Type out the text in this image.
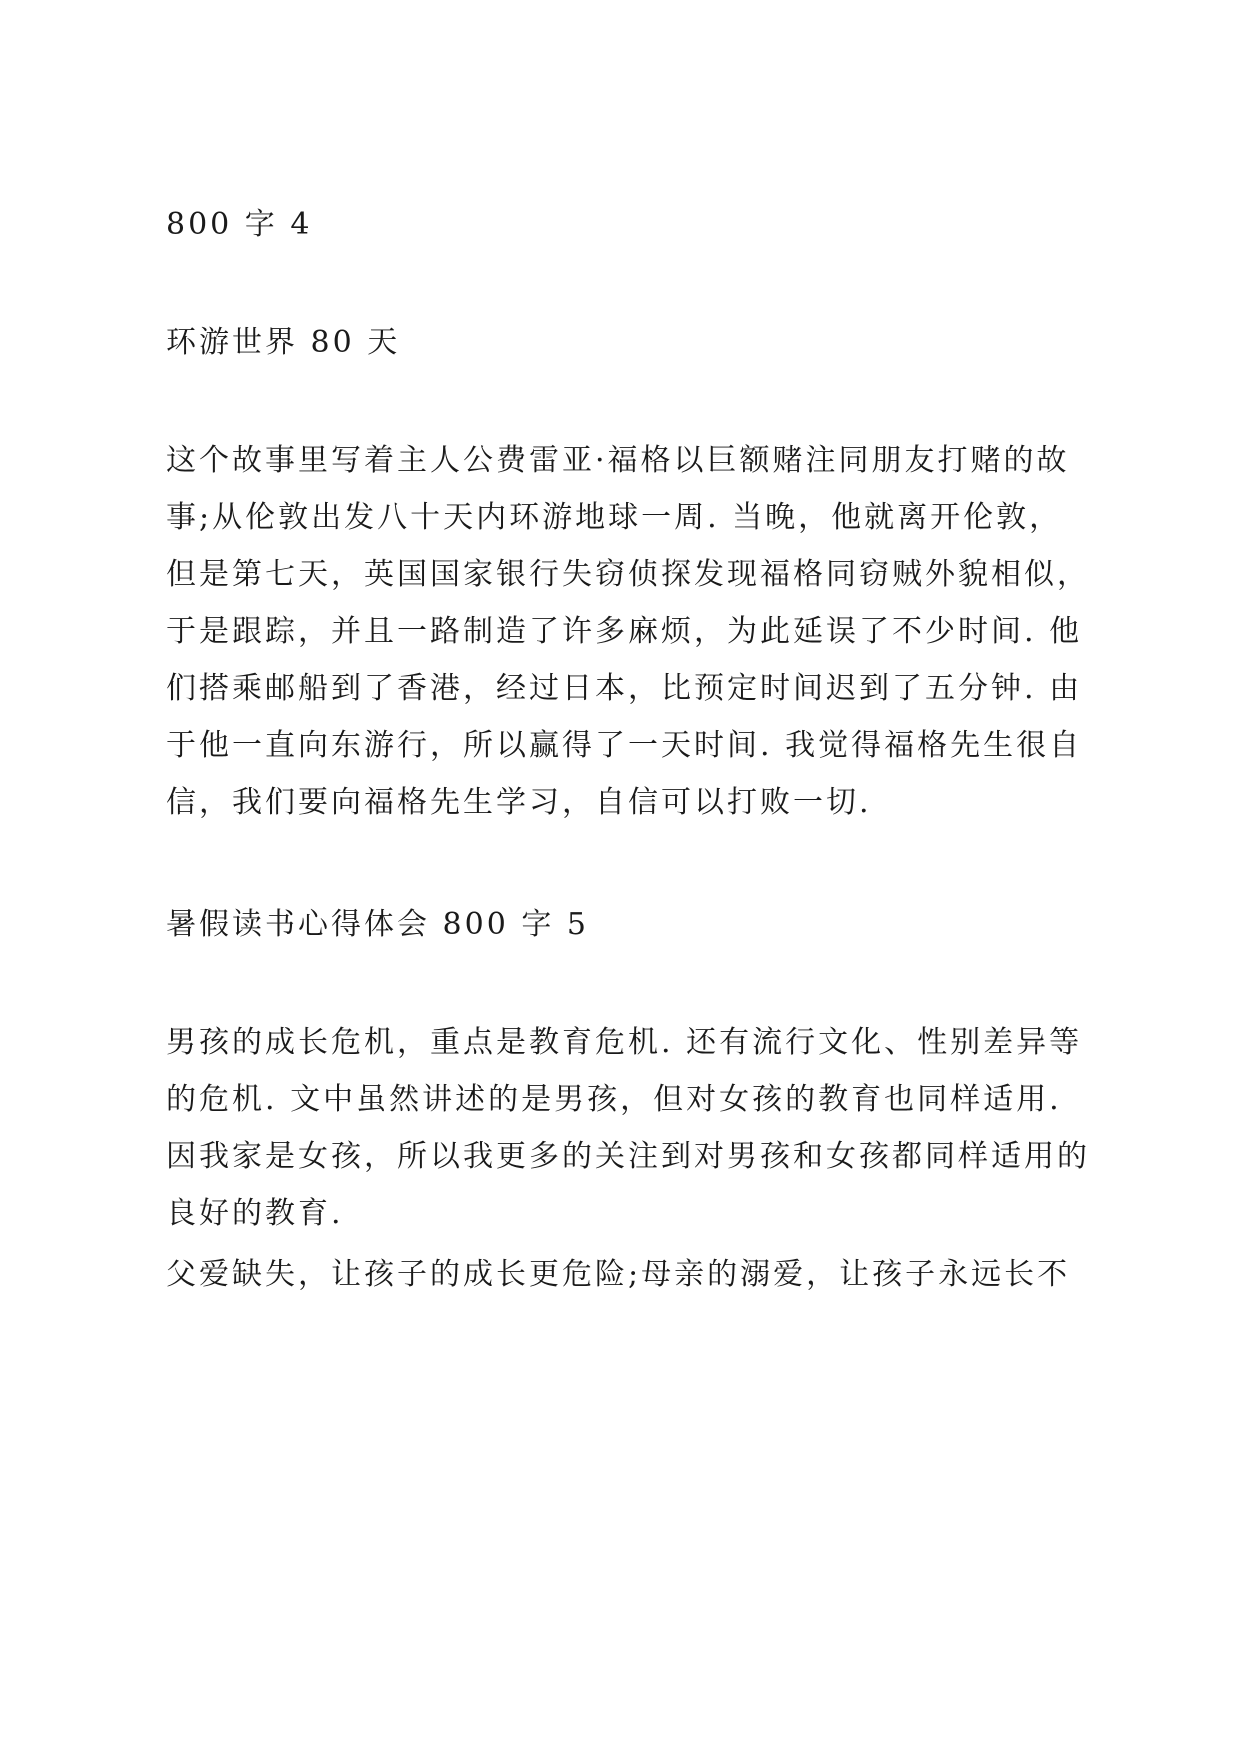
800 字 4
环游世界 80 天
这个故事里写着主人公费雷亚·福格以巨额赌注同朋友打赌的故
事;从伦敦出发八十天内环游地球一周. 当晚，他就离开伦敦，
但是第七天，英国国家银行失窃侦探发现福格同窃贼外貌相似，
于是跟踪，并且一路制造了许多麻烦，为此延误了不少时间. 他
们搭乘邮船到了香港，经过日本，比预定时间迟到了五分钟. 由
于他一直向东游行，所以赢得了一天时间. 我觉得福格先生很自
信，我们要向福格先生学习，自信可以打败一切.
暑假读书心得体会 800 字 5
男孩的成长危机，重点是教育危机. 还有流行文化、性别差异等
的危机. 文中虽然讲述的是男孩，但对女孩的教育也同样适用.
因我家是女孩，所以我更多的关注到对男孩和女孩都同样适用的
良好的教育.
父爱缺失，让孩子的成长更危险;母亲的溺爱，让孩子永远长不
